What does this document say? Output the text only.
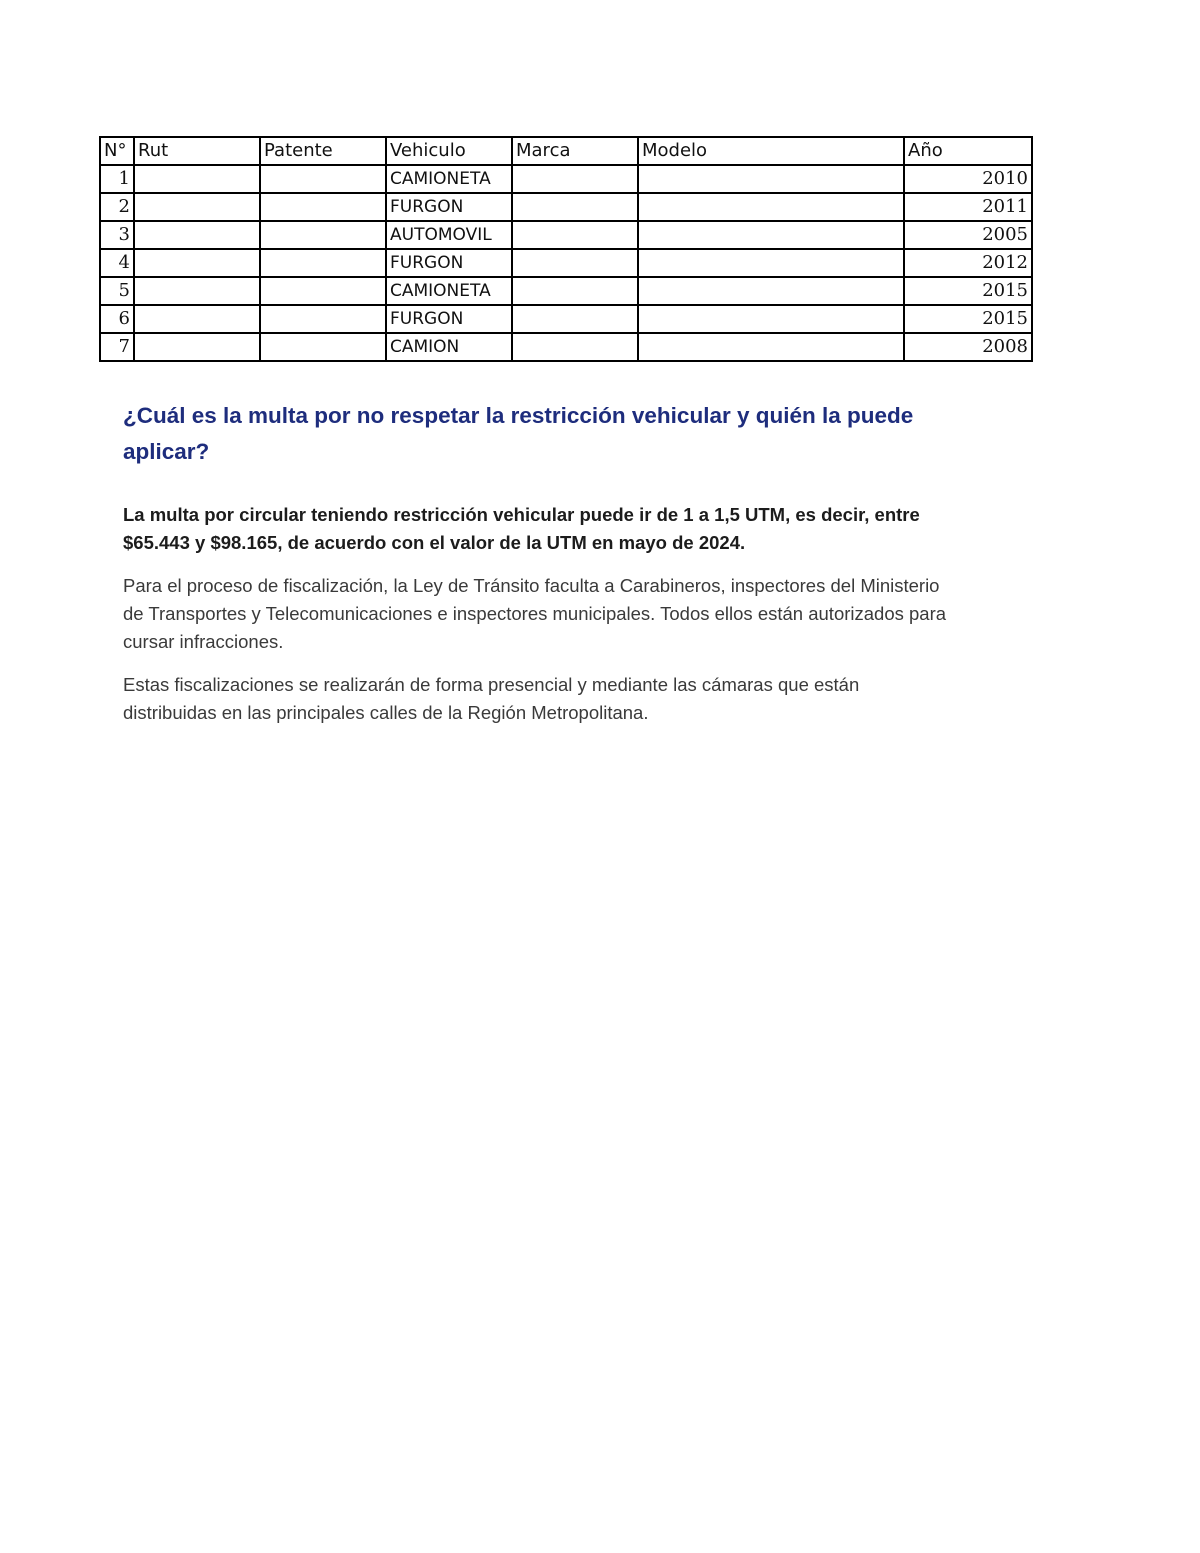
N°	Rut	Patente	Vehiculo	Marca	Modelo	Año
1			CAMIONETA			2010
2			FURGON			2011
3			AUTOMOVIL			2005
4			FURGON			2012
5			CAMIONETA			2015
6			FURGON			2015
7			CAMION			2008
¿Cuál es la multa por no respetar la restricción vehicular y quién la puede aplicar?

La multa por circular teniendo restricción vehicular puede ir de 1 a 1,5 UTM, es decir, entre $65.443 y $98.165, de acuerdo con el valor de la UTM en mayo de 2024.

Para el proceso de fiscalización, la Ley de Tránsito faculta a Carabineros, inspectores del Ministerio de Transportes y Telecomunicaciones e inspectores municipales. Todos ellos están autorizados para cursar infracciones.

Estas fiscalizaciones se realizarán de forma presencial y mediante las cámaras que están distribuidas en las principales calles de la Región Metropolitana.
